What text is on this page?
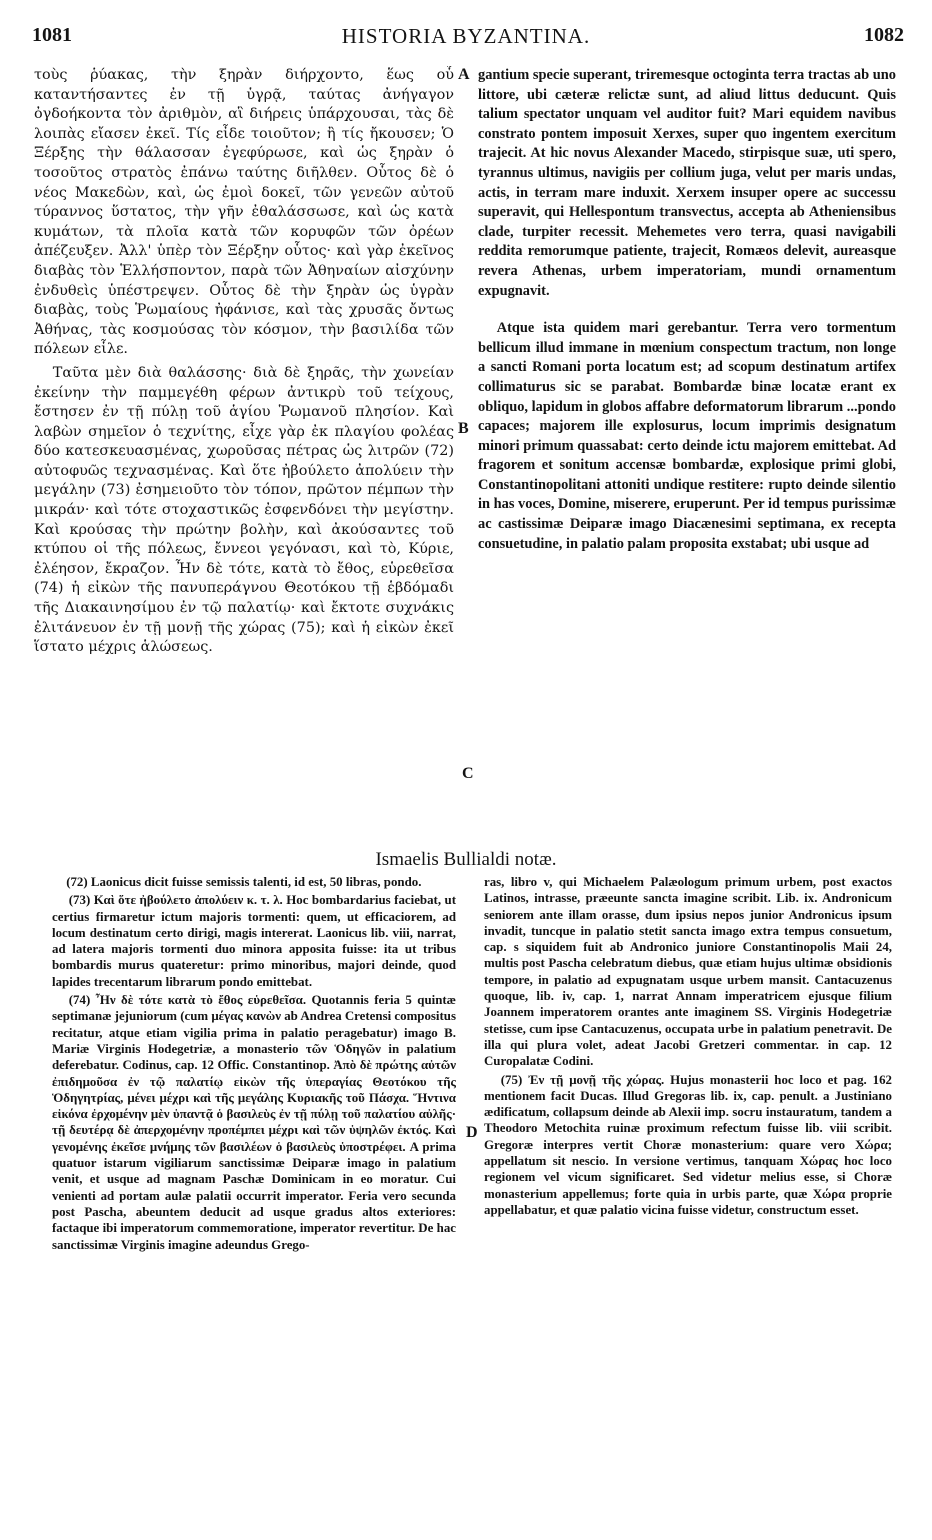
1081	HISTORIA BYZANTINA.	1082

τοὺς ῥύακας, τὴν ξηρὰν διήρχοντο, ἕως οὗ καταντήσαντες ἐν τῇ ὑγρᾷ, ταύτας ἀνήγαγον ὀγδοήκοντα τὸν ἀριθμὸν, αἳ διήρεις ὑπάρχουσαι, τὰς δὲ λοιπὰς εἴασεν ἐκεῖ. Τίς εἶδε τοιοῦτον; ἢ τίς ἤκουσεν; Ὁ Ξέρξης τὴν θάλασσαν ἐγεφύρωσε, καὶ ὡς ξηρὰν ὁ τοσοῦτος στρατὸς ἐπάνω ταύτης διῆλθεν. Οὗτος δὲ ὁ νέος Μακεδὼν, καὶ, ὡς ἐμοὶ δοκεῖ, τῶν γενεῶν αὐτοῦ τύραννος ὕστατος, τὴν γῆν ἐθαλάσσωσε, καὶ ὡς κατὰ κυμάτων, τὰ πλοῖα κατὰ τῶν κορυφῶν τῶν ὀρέων ἀπέζευξεν. Ἀλλ' ὑπὲρ τὸν Ξέρξην οὗτος· καὶ γὰρ ἐκεῖνος διαβὰς τὸν Ἑλλήσποντον, παρὰ τῶν Ἀθηναίων αἰσχύνην ἐνδυθεὶς ὑπέστρεψεν. Οὗτος δὲ τὴν ξηρὰν ὡς ὑγρὰν διαβὰς, τοὺς Ῥωμαίους ἠφάνισε, καὶ τὰς χρυσᾶς ὄντως Ἀθήνας, τὰς κοσμούσας τὸν κόσμον, τὴν βασιλίδα τῶν πόλεων εἷλε.

Ταῦτα μὲν διὰ θαλάσσης· διὰ δὲ ξηρᾶς, τὴν χωνείαν ἐκείνην τὴν παμμεγέθη φέρων ἀντικρὺ τοῦ τείχους, ἔστησεν ἐν τῇ πύλῃ τοῦ ἁγίου Ῥωμανοῦ πλησίον. Καὶ λαβὼν σημεῖον ὁ τεχνίτης, εἶχε γὰρ ἐκ πλαγίου φολέας δύο κατεσκευασμένας, χωροῦσας πέτρας ὡς λιτρῶν (72) αὐτοφυῶς τεχνασμένας. Καὶ ὅτε ἠβούλετο ἀπολύειν τὴν μεγάλην (73) ἐσημειοῦτο τὸν τόπον, πρῶτον πέμπων τὴν μικράν· καὶ τότε στοχαστικῶς ἐσφενδόνει τὴν μεγίστην. Καὶ κρούσας τὴν πρώτην βολὴν, καὶ ἀκούσαντες τοῦ κτύπου οἱ τῆς πόλεως, ἔννεοι γεγόνασι, καὶ τὸ, Κύριε, ἐλέησον, ἔκραζον. Ἦν δὲ τότε, κατὰ τὸ ἔθος, εὑρεθεῖσα (74) ἡ εἰκὼν τῆς πανυπεράγνου Θεοτόκου τῇ ἑβδόμαδι τῆς Διακαινησίμου ἐν τῷ παλατίῳ· καὶ ἔκτοτε συχνάκις ἐλιτάνευον ἐν τῇ μονῇ τῆς χώρας (75); καὶ ἡ εἰκὼν ἐκεῖ ἵστατο μέχρις ἁλώσεως.

A
B
C
D

gantium specie superant, triremesque octoginta terra tractas ab uno littore, ubi cæteræ relictæ sunt, ad aliud littus deducunt. Quis talium spectator unquam vel auditor fuit? Mari equidem navibus constrato pontem imposuit Xerxes, super quo ingentem exercitum trajecit. At hic novus Alexander Macedo, stirpisque suæ, uti spero, tyrannus ultimus, navigiis per collium juga, velut per maris undas, actis, in terram mare induxit. Xerxem insuper opere ac successu superavit, qui Hellespontum transvectus, accepta ab Atheniensibus clade, turpiter recessit. Mehemetes vero terra, quasi navigabili reddita remorumque patiente, trajecit, Romæos delevit, aureasque revera Athenas, urbem imperatoriam, mundi ornamentum expugnavit.

Atque ista quidem mari gerebantur. Terra vero tormentum bellicum illud immane in mœnium conspectum tractum, non longe a sancti Romani porta locatum est; ad scopum destinatum artifex collimaturus sic se parabat. Bombardæ binæ locatæ erant ex obliquo, lapidum in globos affabre deformatorum librarum ...pondo capaces; majorem ille explosurus, locum imprimis designatum minori primum quassabat: certo deinde ictu majorem emittebat. Ad fragorem et sonitum accensæ bombardæ, explosique primi globi, Constantinopolitani attoniti undique restitere: rupto deinde silentio in has voces, Domine, miserere, eruperunt. Per id tempus purissimæ ac castissimæ Deiparæ imago Diacænesimi septimana, ex recepta consuetudine, in palatio palam proposita exstabat; ubi usque ad

Ismaelis Bullialdi notæ.

(72) Laonicus dicit fuisse semissis talenti, id est, 50 libras, pondo.

(73) Καὶ ὅτε ἠβούλετο ἀπολύειν κ. τ. λ. Hoc bombardarius faciebat, ut certius firmaretur ictum majoris tormenti: quem, ut efficaciorem, ad locum destinatum certo dirigi, magis intererat. Laonicus lib. viii, narrat, ad latera majoris tormenti duo minora apposita fuisse: ita ut tribus bombardis murus quateretur: primo minoribus, majori deinde, quod lapides trecentarum librarum pondo emittebat.

(74) Ἦν δὲ τότε κατὰ τὸ ἔθος εὑρεθεῖσα. Quotannis feria 5 quintæ septimanæ jejuniorum (cum μέγας κανὼν ab Andrea Cretensi compositus recitatur, atque etiam vigilia prima in palatio peragebatur) imago B. Mariæ Virginis Hodegetriæ, a monasterio τῶν Ὁδηγῶν in palatium deferebatur. Codinus, cap. 12 Offic. Constantinop. Ἀπὸ δὲ πρώτης αὐτῶν ἐπιδημοῦσα ἐν τῷ παλατίῳ εἰκὼν τῆς ὑπεραγίας Θεοτόκου τῆς Ὁδηγητρίας, μένει μέχρι καὶ τῆς μεγάλης Κυριακῆς τοῦ Πάσχα. Ἥντινα εἰκόνα ἐρχομένην μὲν ὑπαντᾷ ὁ βασιλεὺς ἐν τῇ πύλῃ τοῦ παλατίου αὐλῆς· τῇ δευτέρᾳ δὲ ἀπερχομένην προπέμπει μέχρι καὶ τῶν ὑψηλῶν ἐκτός. Καὶ γενομένης ἐκεῖσε μνήμης τῶν βασιλέων ὁ βασιλεὺς ὑποστρέφει. A prima quatuor istarum vigiliarum sanctissimæ Deiparæ imago in palatium venit, et usque ad magnam Paschæ Dominicam in eo moratur. Cui venienti ad portam aulæ palatii occurrit imperator. Feria vero secunda post Pascha, abeuntem deducit ad usque gradus altos exteriores: factaque ibi imperatorum commemoratione, imperator revertitur. De hac sanctissimæ Virginis imagine adeundus Grego-

ras, libro v, qui Michaelem Palæologum primum urbem, post exactos Latinos, intrasse, præeunte sancta imagine scribit. Lib. ix. Andronicum seniorem ante illam orasse, dum ipsius nepos junior Andronicus ipsum invadit, tuncque in palatio stetit sancta imago extra tempus consuetum, cap. s siquidem fuit ab Andronico juniore Constantinopolis Maii 24, multis post Pascha celebratum diebus, quæ etiam hujus ultimæ obsidionis tempore, in palatio ad expugnatam usque urbem mansit. Cantacuzenus quoque, lib. iv, cap. 1, narrat Annam imperatricem ejusque filium Joannem imperatorem orantes ante imaginem SS. Virginis Hodegetriæ stetisse, cum ipse Cantacuzenus, occupata urbe in palatium penetravit. De illa qui plura volet, adeat Jacobi Gretzeri commentar. in cap. 12 Curopalatæ Codini.

(75) Ἐν τῇ μονῇ τῆς χώρας. Hujus monasterii hoc loco et pag. 162 mentionem facit Ducas. Illud Gregoras lib. ix, cap. penult. a Justiniano ædificatum, collapsum deinde ab Alexii imp. socru instauratum, tandem a Theodoro Metochita ruinæ proximum refectum fuisse lib. viii scribit. Gregoræ interpres vertit Choræ monasterium: quare vero Χώρα; appellatum sit nescio. In versione vertimus, tanquam Χώρας hoc loco regionem vel vicum significaret. Sed videtur melius esse, si Choræ monasterium appellemus; forte quia in urbis parte, quæ Χώρα proprie appellabatur, et quæ palatio vicina fuisse videtur, constructum esset.
